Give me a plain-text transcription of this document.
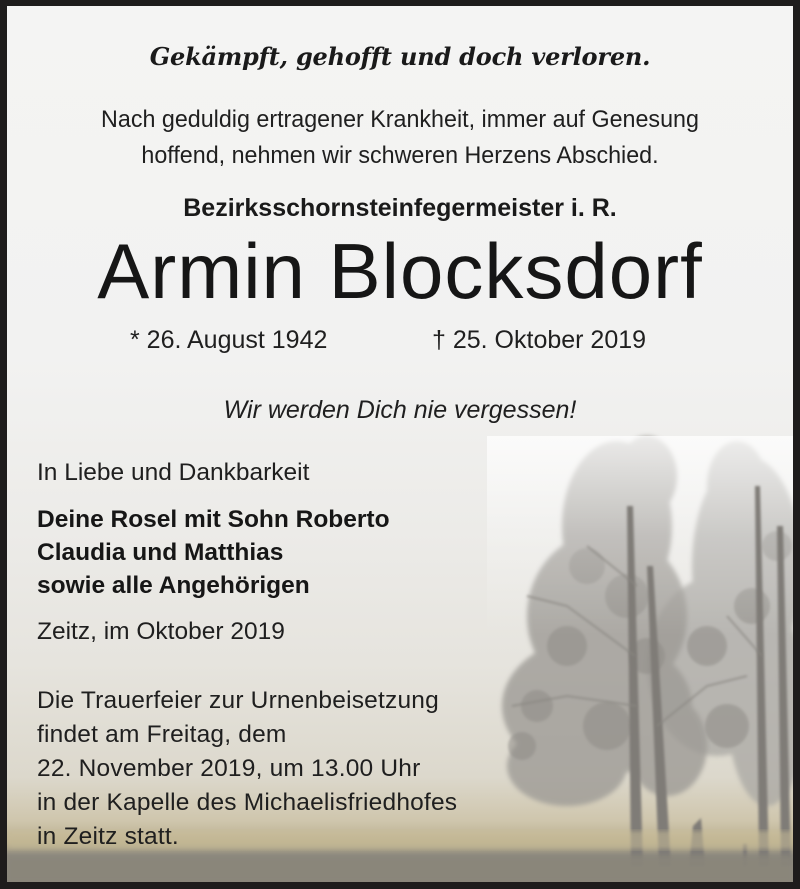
Gekämpft, gehofft und doch verloren.
Nach geduldig ertragener Krankheit, immer auf Genesung
hoffend, nehmen wir schweren Herzens Abschied.
Bezirksschornsteinfegermeister i. R.
Armin Blocksdorf
* 26. August 1942	† 25. Oktober 2019
Wir werden Dich nie vergessen!
In Liebe und Dankbarkeit
Deine Rosel mit Sohn Roberto
Claudia und Matthias
sowie alle Angehörigen
Zeitz, im Oktober 2019
Die Trauerfeier zur Urnenbeisetzung
findet am Freitag, dem
22. November 2019, um 13.00 Uhr
in der Kapelle des Michaelisfriedhofes
in Zeitz statt.
